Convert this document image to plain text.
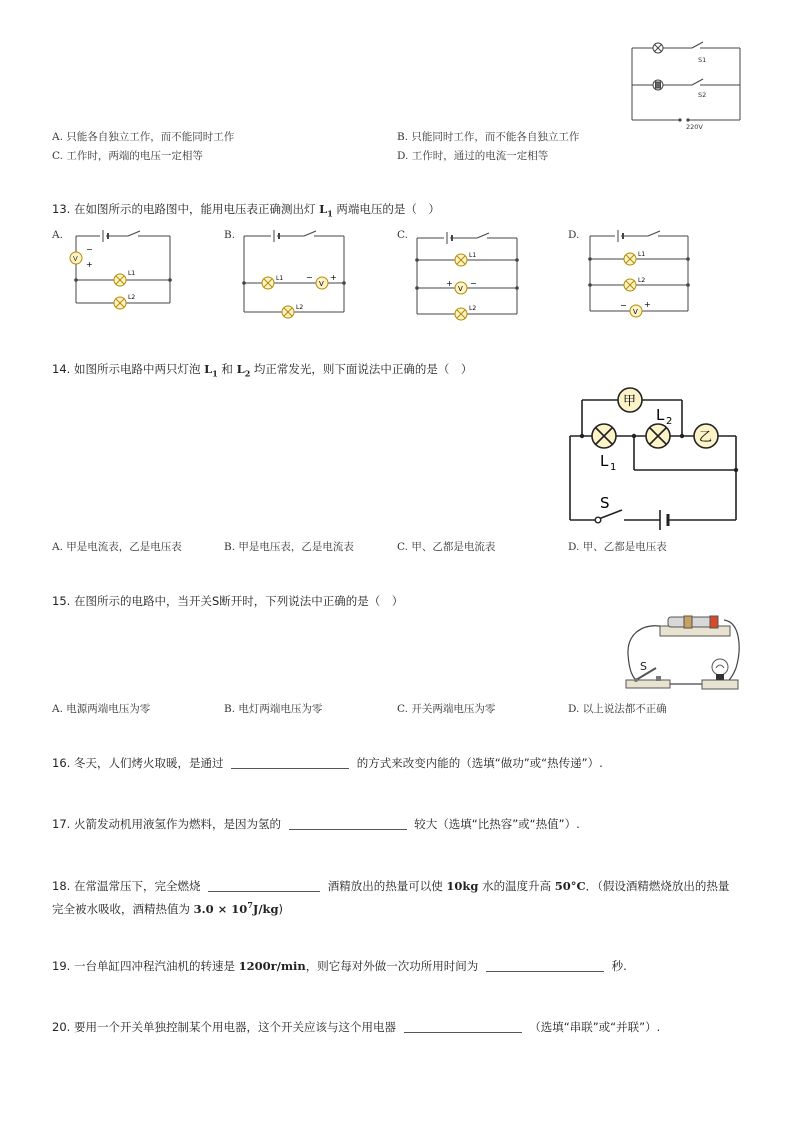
S1
S2
220V
A. 只能各自独立工作，而不能同时工作	B. 只能同时工作，而不能各自独立工作
C. 工作时，两端的电压一定相等	D. 工作时，通过的电流一定相等
13. 在如图所示的电路图中，能用电压表正确测出灯 $L_1$ 两端电压的是（　）
A.
V
−
+
L1
L2
B.
L1
V
− +
L2
C.
L1
V
+ −
L2
D.
L1
L2
V
− +
14. 如图所示电路中两只灯泡 $L_1$ 和 $L_2$ 均正常发光，则下面说法中正确的是（　）
甲
乙
L 2
L 1
S
A. 甲是电流表，乙是电压表	B. 甲是电压表，乙是电流表	C. 甲、乙都是电流表	D. 甲、乙都是电压表
15. 在图所示的电路中，当开关S断开时，下列说法中正确的是（　）
S
A. 电源两端电压为零	B. 电灯两端电压为零	C. 开关两端电压为零	D. 以上说法都不正确
16. 冬天，人们烤火取暖，是通过	的方式来改变内能的（选填“做功”或“热传递”）.
17. 火箭发动机用液氢作为燃料，是因为氢的	较大（选填“比热容”或“热值”）.
18. 在常温常压下，完全燃烧	酒精放出的热量可以使 10kg 水的温度升高 50°C．（假设酒精燃烧放出的热量
完全被水吸收，酒精热值为 $3.0 \times 10^7J/kg$)
19. 一台单缸四冲程汽油机的转速是 1200r/min，则它每对外做一次功所用时间为	秒.
20. 要用一个开关单独控制某个用电器，这个开关应该与这个用电器	（选填“串联”或“并联”）.
